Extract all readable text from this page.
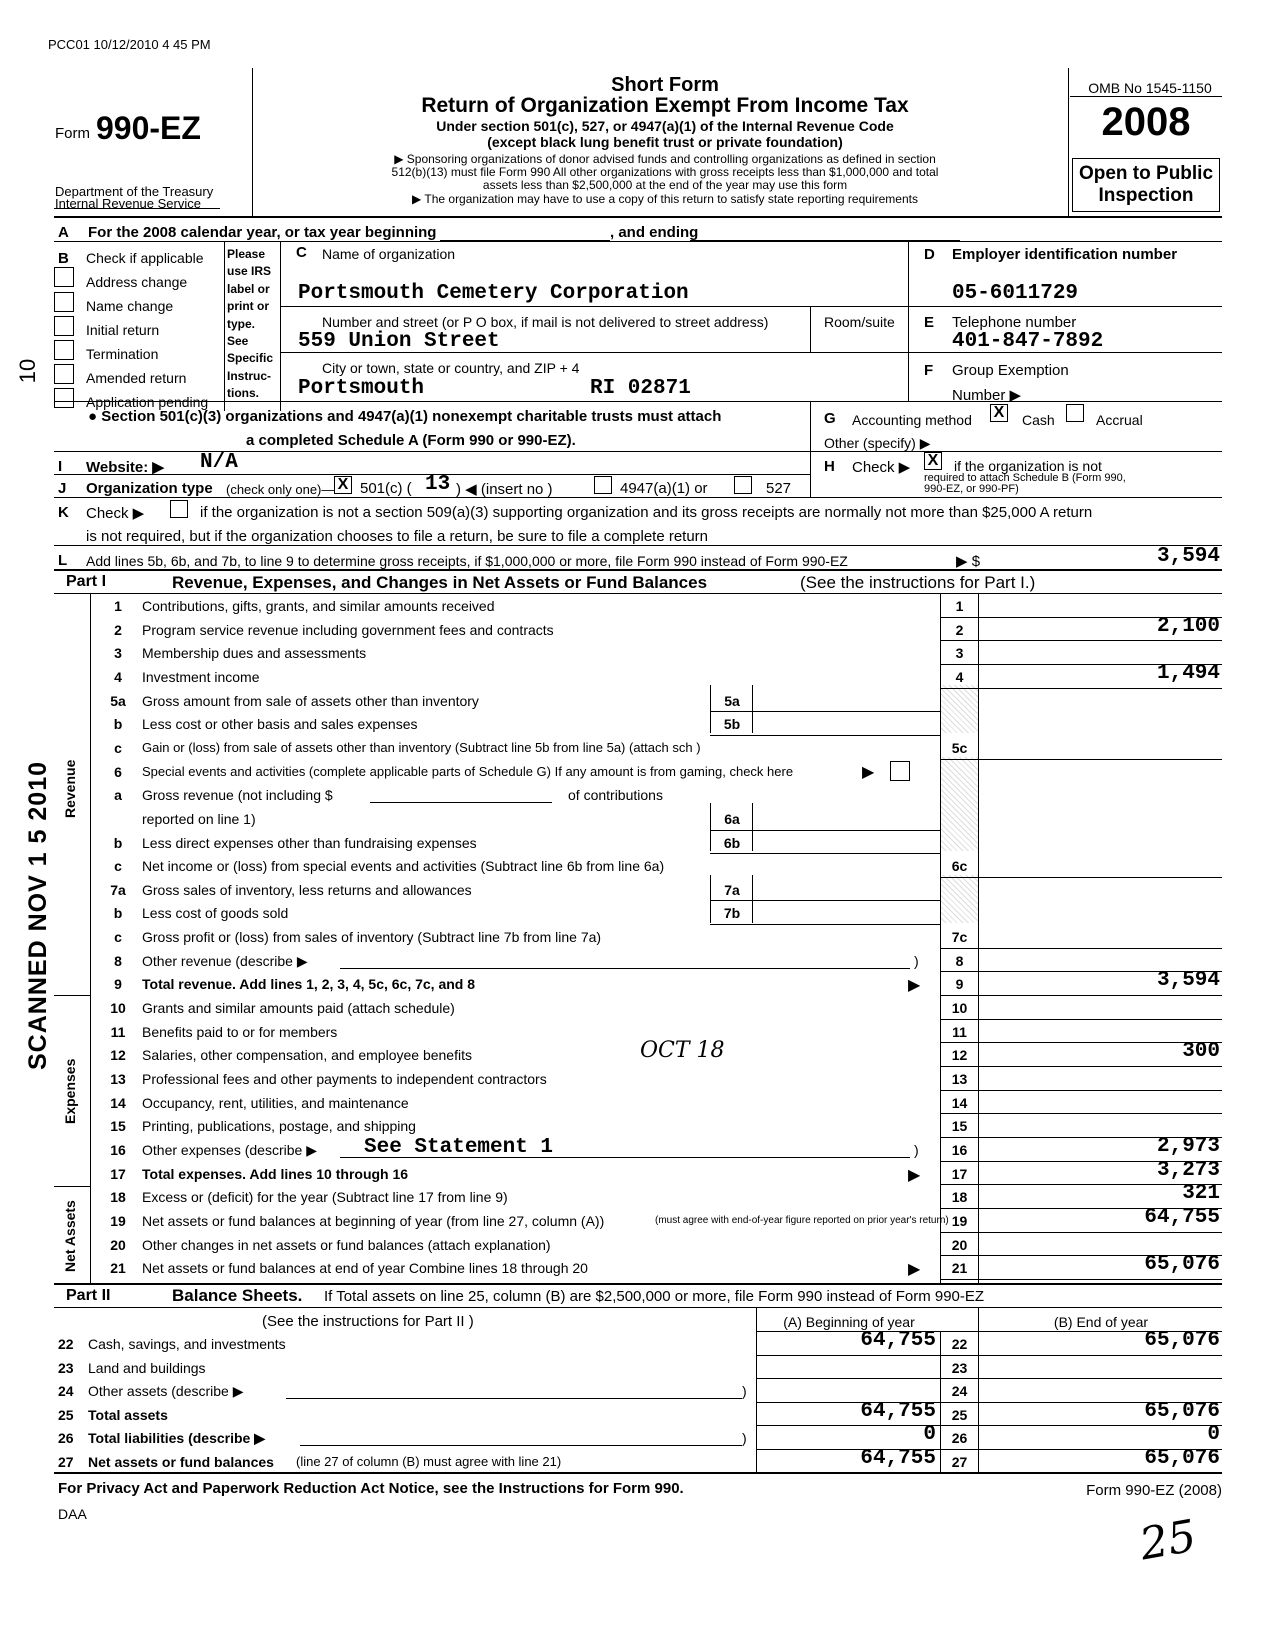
PCC01 10/12/2010 4 45 PM
Form 990-EZ
Department of the Treasury
Internal Revenue Service
Short Form
Return of Organization Exempt From Income Tax
Under section 501(c), 527, or 4947(a)(1) of the Internal Revenue Code
(except black lung benefit trust or private foundation)
▶ Sponsoring organizations of donor advised funds and controlling organizations as defined in section
512(b)(13) must file Form 990 All other organizations with gross receipts less than $1,000,000 and total
assets less than $2,500,000 at the end of the year may use this form
▶ The organization may have to use a copy of this return to satisfy state reporting requirements
OMB No 1545-1150
2008
Open to Public
Inspection
A For the 2008 calendar year, or tax year beginning	, and ending
B Check if applicable
Address change
Name change
Initial return
Termination
Amended return
Application pending
Please
use IRS
label or
print or
type.
See
Specific
Instruc-
tions.
C Name of organization
Portsmouth Cemetery Corporation
Number and street (or P O box, if mail is not delivered to street address)	Room/suite
559 Union Street
City or town, state or country, and ZIP + 4
Portsmouth	RI 02871
D Employer identification number
05-6011729
E Telephone number
401-847-7892
F Group Exemption
Number ▶
● Section 501(c)(3) organizations and 4947(a)(1) nonexempt charitable trusts must attach
a completed Schedule A (Form 990 or 990-EZ).
G Accounting method X Cash	Accrual
Other (specify) ▶
I Website: ▶ N/A
J Organization type (check only one)— X 501(c) ( 13 ) ◀ (insert no )	4947(a)(1) or	527
H Check ▶ X if the organization is not
required to attach Schedule B (Form 990,
990-EZ, or 990-PF)
K Check ▶	if the organization is not a section 509(a)(3) supporting organization and its gross receipts are normally not more than $25,000 A return
is not required, but if the organization chooses to file a return, be sure to file a complete return
L Add lines 5b, 6b, and 7b, to line 9 to determine gross receipts, if $1,000,000 or more, file Form 990 instead of Form 990-EZ	▶ $	3,594
Part I	Revenue, Expenses, and Changes in Net Assets or Fund Balances	(See the instructions for Part I.)
Revenue
Expenses
Net Assets
SCANNED NOV 1 5 2010
10
1	Contributions, gifts, grants, and similar amounts received	1
2	Program service revenue including government fees and contracts	2	2,100
3	Membership dues and assessments	3
4	Investment income	4	1,494
5a	Gross amount from sale of assets other than inventory	5a
b	Less cost or other basis and sales expenses	5b
c	Gain or (loss) from sale of assets other than inventory (Subtract line 5b from line 5a) (attach sch )	5c
6	Special events and activities (complete applicable parts of Schedule G) If any amount is from gaming, check here	▶
a	Gross revenue (not including $	of contributions
reported on line 1)	6a
b	Less direct expenses other than fundraising expenses	6b
c	Net income or (loss) from special events and activities (Subtract line 6b from line 6a)	6c
7a	Gross sales of inventory, less returns and allowances	7a
b	Less cost of goods sold	7b
c	Gross profit or (loss) from sales of inventory (Subtract line 7b from line 7a)	7c
8	Other revenue (describe ▶	)	8
9	Total revenue. Add lines 1, 2, 3, 4, 5c, 6c, 7c, and 8	▶	9	3,594
10	Grants and similar amounts paid (attach schedule)	10
11	Benefits paid to or for members	11
12	Salaries, other compensation, and employee benefits	12	300
13	Professional fees and other payments to independent contractors	13
14	Occupancy, rent, utilities, and maintenance	14
15	Printing, publications, postage, and shipping	15
16	Other expenses (describe ▶ See Statement 1	)	16	2,973
17	Total expenses. Add lines 10 through 16	▶	17	3,273
18	Excess or (deficit) for the year (Subtract line 17 from line 9)	18	321
19	Net assets or fund balances at beginning of year (from line 27, column (A))	(must agree with end-of-year figure reported on prior year's return) 19	64,755
20	Other changes in net assets or fund balances (attach explanation)	20
21	Net assets or fund balances at end of year Combine lines 18 through 20	▶	21	65,076
OCT 18
Part II	Balance Sheets. If Total assets on line 25, column (B) are $2,500,000 or more, file Form 990 instead of Form 990-EZ
(See the instructions for Part II )	(A) Beginning of year	(B) End of year
22 Cash, savings, and investments	64,755	22	65,076
23 Land and buildings	23
24 Other assets (describe ▶	)	24
25 Total assets	64,755	25	65,076
26 Total liabilities (describe ▶	)	0	26	0
27 Net assets or fund balances (line 27 of column (B) must agree with line 21)	64,755	27	65,076
For Privacy Act and Paperwork Reduction Act Notice, see the Instructions for Form 990.	Form 990-EZ (2008)
DAA	25
